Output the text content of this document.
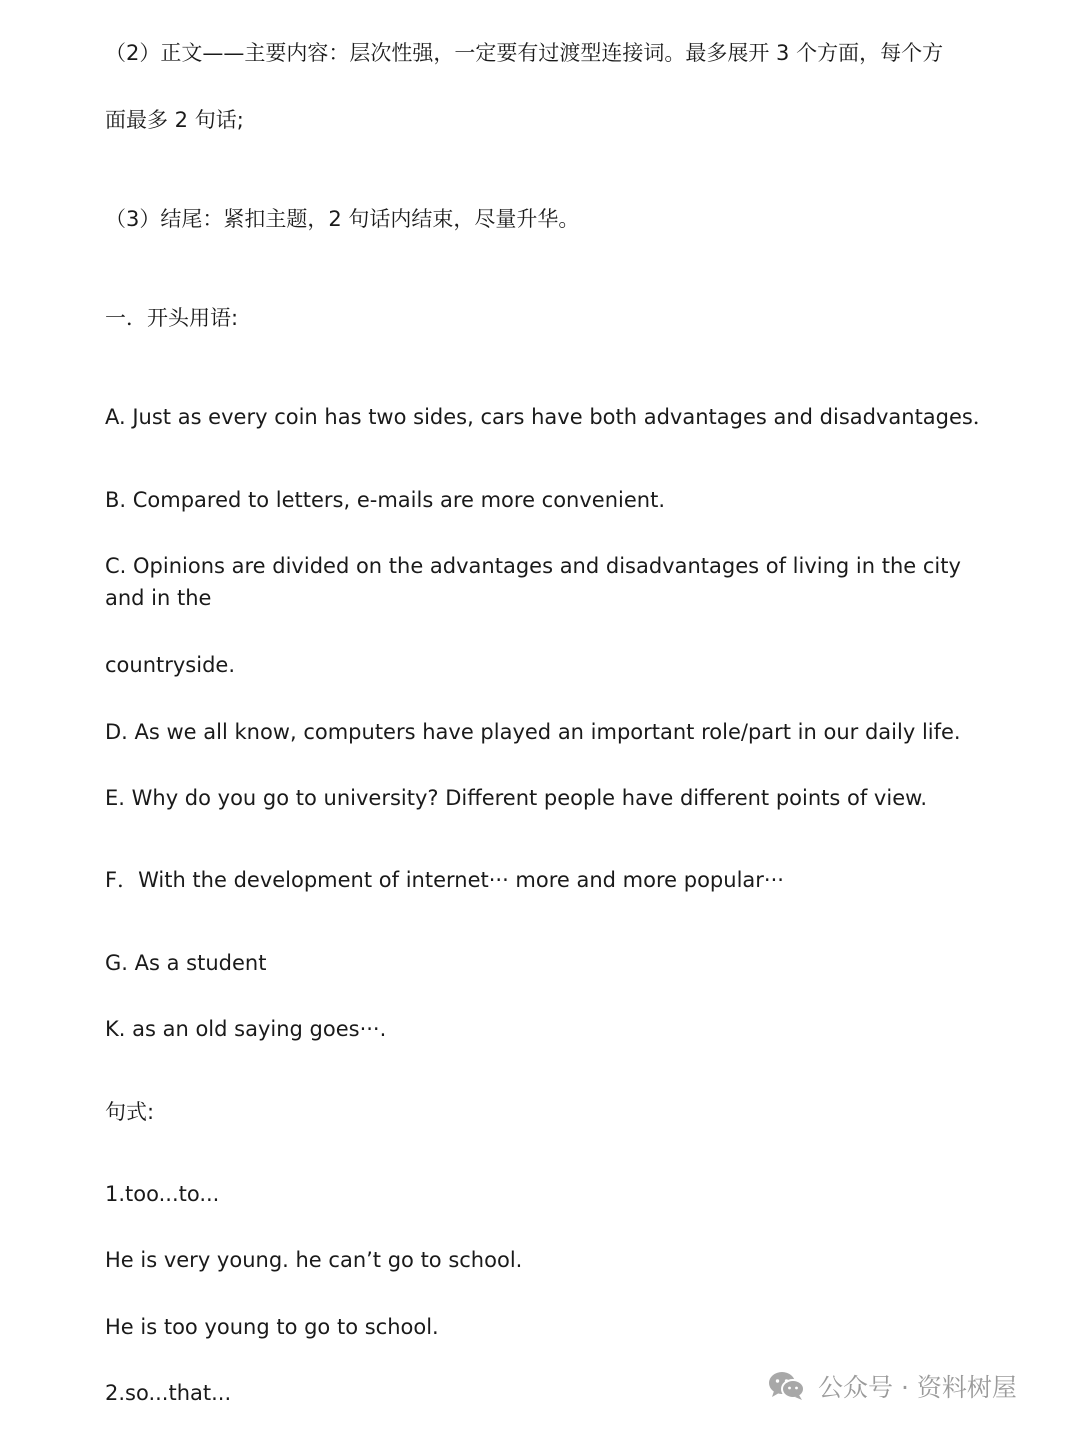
（2）正文——主要内容：层次性强，一定要有过渡型连接词。最多展开 3 个方面，每个方

面最多 2 句话;

（3）结尾：紧扣主题，2 句话内结束，尽量升华。

一．开头用语:

A. Just as every coin has two sides, cars have both advantages and disadvantages．

B. Compared to letters, e-mails are more convenient.

C. Opinions are divided on the advantages and disadvantages of living in the city and in the

countryside.

D. As we all know, computers have played an important role/part in our daily life.

E. Why do you go to university? Different people have different points of view.

F．With the development of internet··· more and more popular···

G. As a student

K. as an old saying goes···.

句式:

1.too...to...

He is very young. he can’t go to school.

He is too young to go to school.

2.so...that...	公众号 · 资料树屋
